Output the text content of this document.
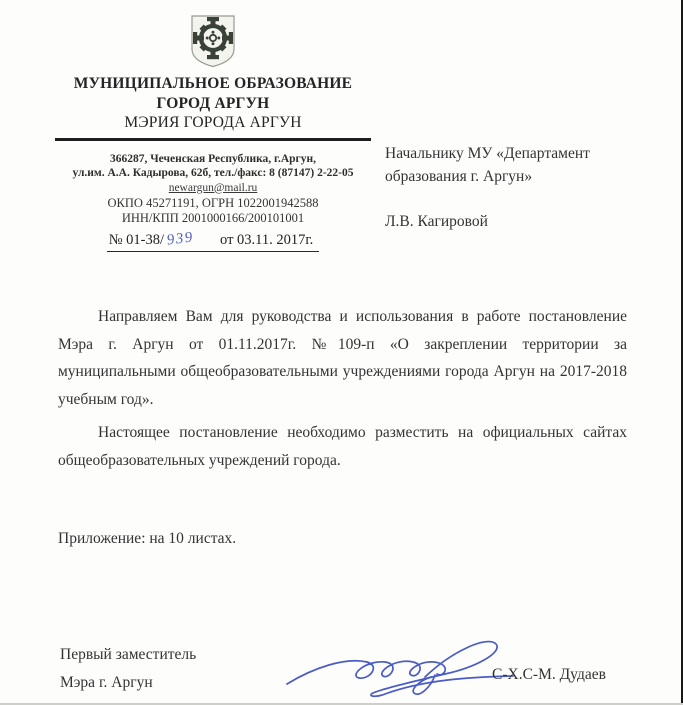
МУНИЦИПАЛЬНОЕ ОБРАЗОВАНИЕ
ГОРОД АРГУН
МЭРИЯ ГОРОДА АРГУН
366287, Чеченская Республика, г.Аргун,
ул.им. А.А. Кадырова, 62б, тел./факс: 8 (87147) 2-22-05
newargun@mail.ru
ОКПО 45271191, ОГРН 1022001942588
ИНН/КПП 2001000166/200101001
№ 01-38/ 939 от 03.11. 2017г.
Начальнику МУ «Департамент
образования г. Аргун»
Л.В. Кагировой

Направляем Вам для руководства и использования в работе постановление Мэра г. Аргун от 01.11.2017г. №109-п «О закреплении территории за муниципальными общеобразовательными учреждениями города Аргун на 2017-2018 учебным год».

Настоящее постановление необходимо разместить на официальных сайтах общеобразовательных учреждений города.

Приложение: на 10 листах.
Первый заместитель
Мэра г. Аргун	С-Х.С-М. Дудаев
